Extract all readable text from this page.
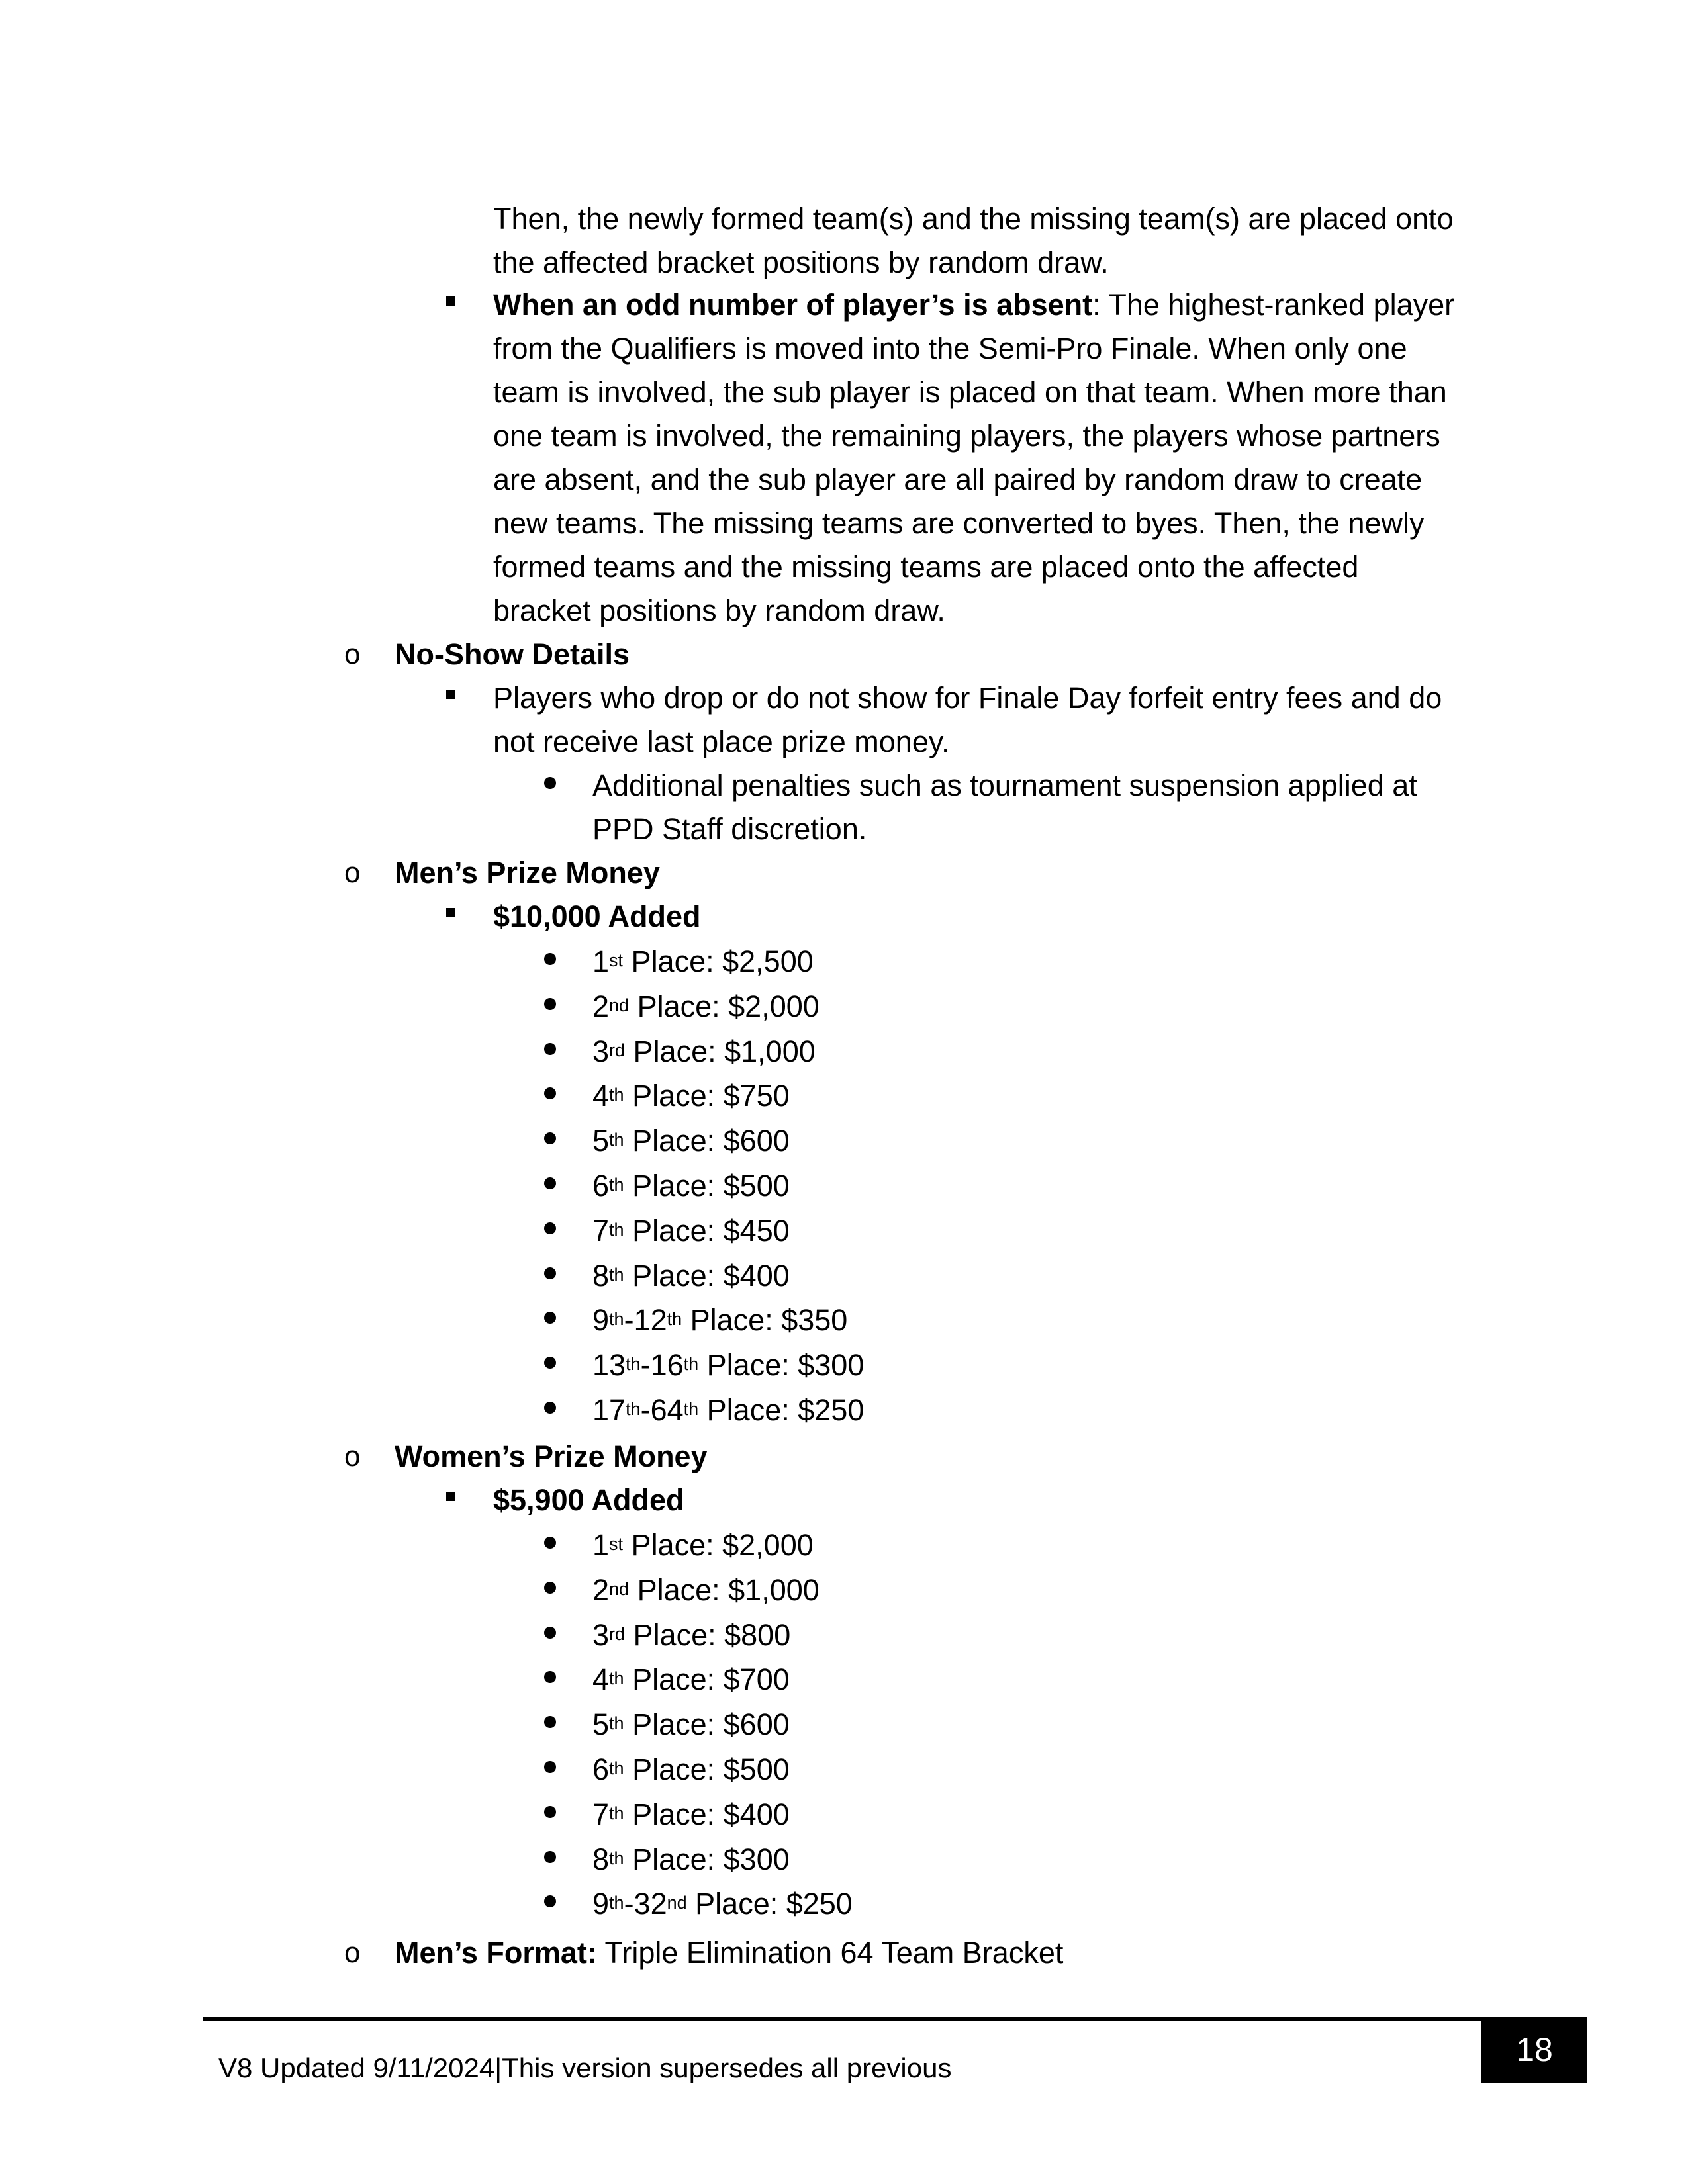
Then, the newly formed team(s) and the missing team(s) are placed onto
the affected bracket positions by random draw.
When an odd number of player’s is absent: The highest-ranked player
from the Qualifiers is moved into the Semi-Pro Finale. When only one
team is involved, the sub player is placed on that team. When more than
one team is involved, the remaining players, the players whose partners
are absent, and the sub player are all paired by random draw to create
new teams. The missing teams are converted to byes. Then, the newly
formed teams and the missing teams are placed onto the affected
bracket positions by random draw.
o No-Show Details
Players who drop or do not show for Finale Day forfeit entry fees and do
not receive last place prize money.
Additional penalties such as tournament suspension applied at
PPD Staff discretion.
o Men’s Prize Money
$10,000 Added
1st Place: $2,500
2nd Place: $2,000
3rd Place: $1,000
4th Place: $750
5th Place: $600
6th Place: $500
7th Place: $450
8th Place: $400
9th-12th Place: $350
13th-16th Place: $300
17th-64th Place: $250
o Women’s Prize Money
$5,900 Added
1st Place: $2,000
2nd Place: $1,000
3rd Place: $800
4th Place: $700
5th Place: $600
6th Place: $500
7th Place: $400
8th Place: $300
9th-32nd Place: $250
o Men’s Format: Triple Elimination 64 Team Bracket
V8 Updated 9/11/2024|This version supersedes all previous	18
